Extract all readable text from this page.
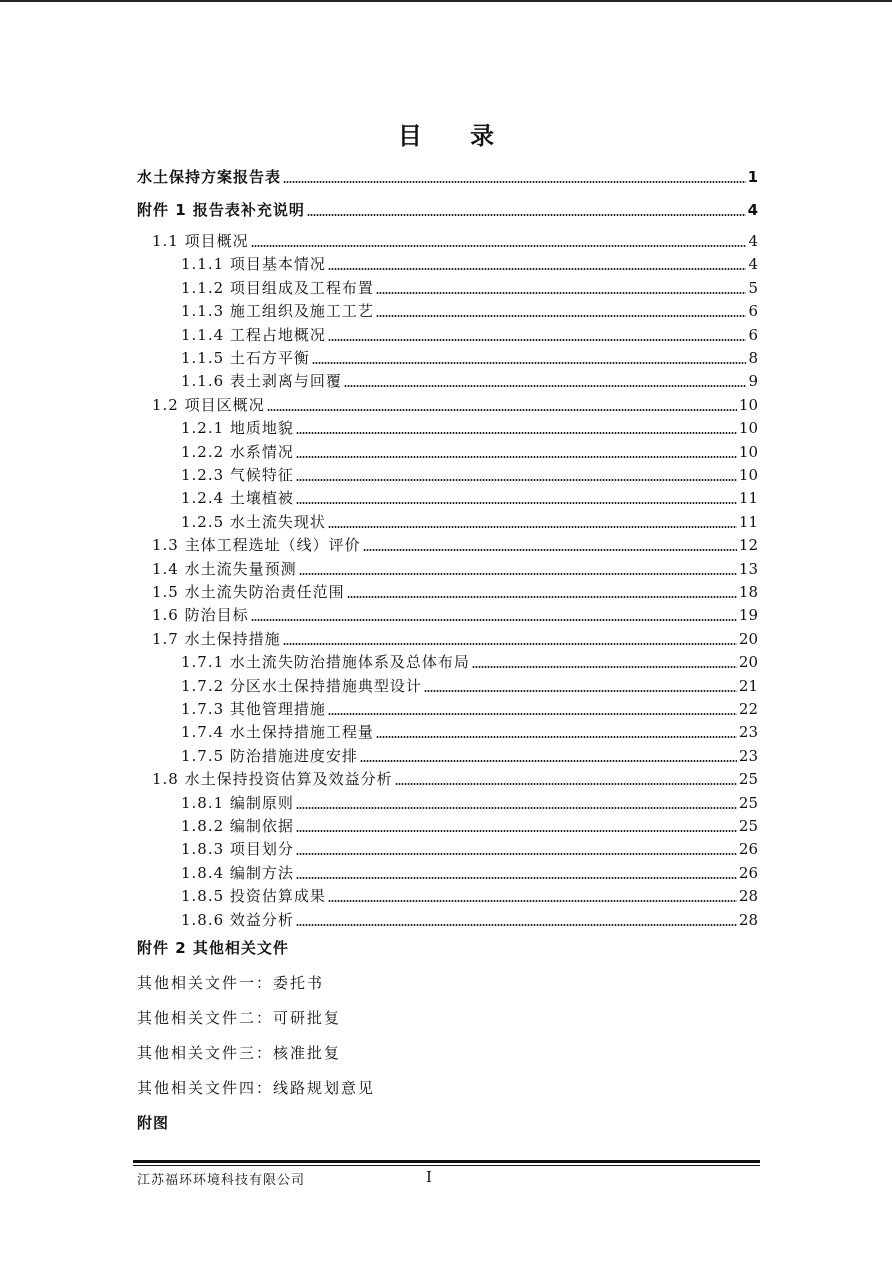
目 录
水土保持方案报告表	1
附件 1 报告表补充说明	4
1.1 项目概况	4
1.1.1 项目基本情况	4
1.1.2 项目组成及工程布置	5
1.1.3 施工组织及施工工艺	6
1.1.4 工程占地概况	6
1.1.5 土石方平衡	8
1.1.6 表土剥离与回覆	9
1.2 项目区概况	10
1.2.1 地质地貌	10
1.2.2 水系情况	10
1.2.3 气候特征	10
1.2.4 土壤植被	11
1.2.5 水土流失现状	11
1.3 主体工程选址（线）评价	12
1.4 水土流失量预测	13
1.5 水土流失防治责任范围	18
1.6 防治目标	19
1.7 水土保持措施	20
1.7.1 水土流失防治措施体系及总体布局	20
1.7.2 分区水土保持措施典型设计	21
1.7.3 其他管理措施	22
1.7.4 水土保持措施工程量	23
1.7.5 防治措施进度安排	23
1.8 水土保持投资估算及效益分析	25
1.8.1 编制原则	25
1.8.2 编制依据	25
1.8.3 项目划分	26
1.8.4 编制方法	26
1.8.5 投资估算成果	28
1.8.6 效益分析	28
附件 2 其他相关文件
其他相关文件一：委托书
其他相关文件二：可研批复
其他相关文件三：核准批复
其他相关文件四：线路规划意见
附图
江苏福环环境科技有限公司	I
